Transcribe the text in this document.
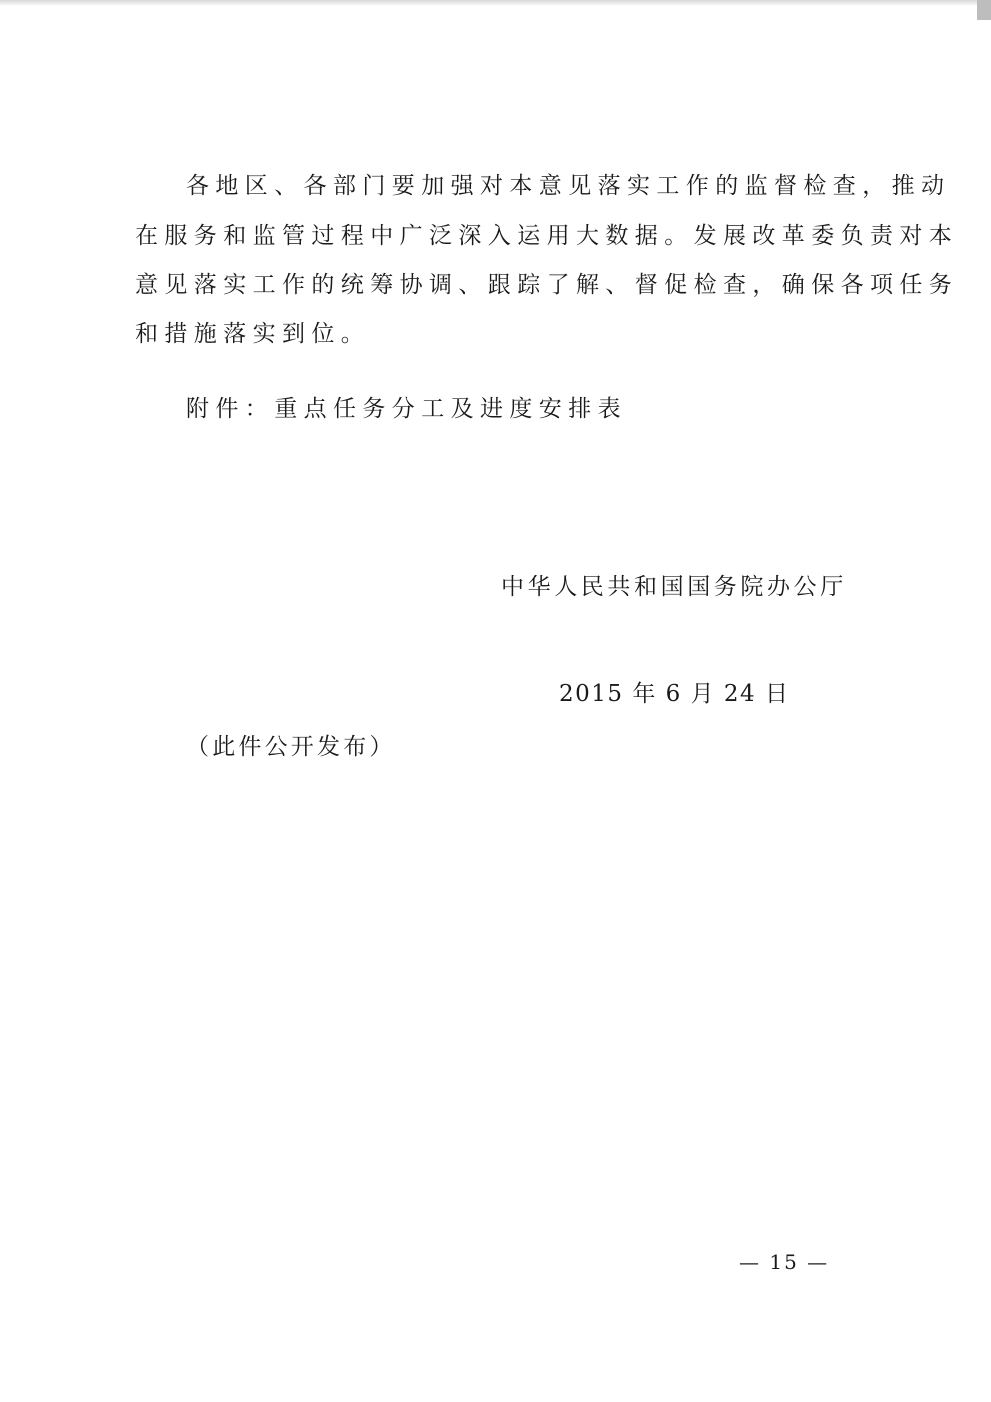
各地区、各部门要加强对本意见落实工作的监督检查，推动
在服务和监管过程中广泛深入运用大数据。发展改革委负责对本
意见落实工作的统筹协调、跟踪了解、督促检查，确保各项任务
和措施落实到位。
附件：重点任务分工及进度安排表
中华人民共和国国务院办公厅
2015 年 6 月 24 日
（此件公开发布）
— 15 —
